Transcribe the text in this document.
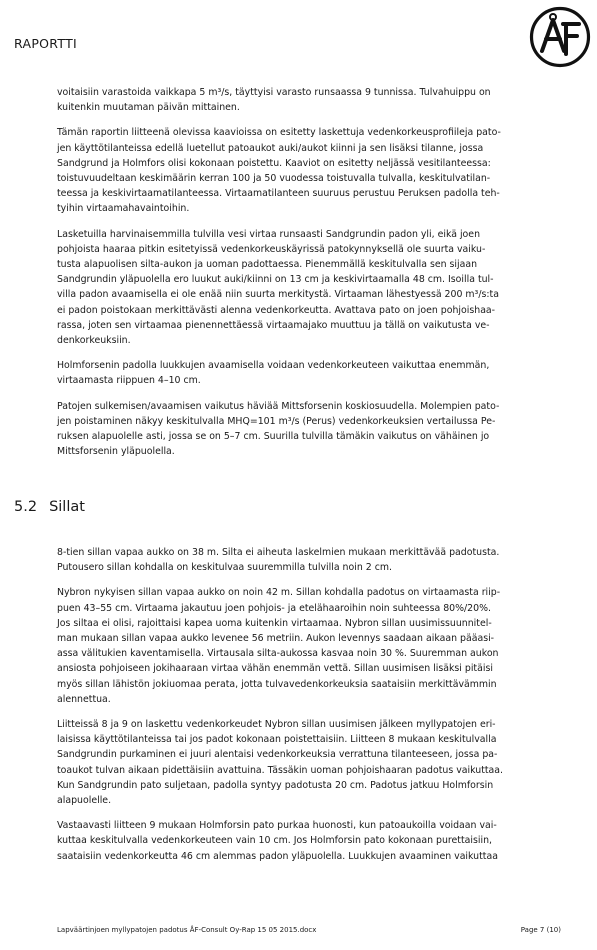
RAPORTTI

voitaisiin varastoida vaikkapa 5 m³/s, täyttyisi varasto runsaassa 9 tunnissa. Tulvahuippu on
kuitenkin muutaman päivän mittainen.

Tämän raportin liitteenä olevissa kaavioissa on esitetty laskettuja vedenkorkeusprofiileja pato-
jen käyttötilanteissa edellä luetellut patoaukot auki/aukot kiinni ja sen lisäksi tilanne, jossa
Sandgrund ja Holmfors olisi kokonaan poistettu. Kaaviot on esitetty neljässä vesitilanteessa:
toistuvuudeltaan keskimäärin kerran 100 ja 50 vuodessa toistuvalla tulvalla, keskitulvatilan-
teessa ja keskivirtaamatilanteessa. Virtaamatilanteen suuruus perustuu Peruksen padolla teh-
tyihin virtaamahavaintoihin.

Lasketuilla harvinaisemmilla tulvilla vesi virtaa runsaasti Sandgrundin padon yli, eikä joen
pohjoista haaraa pitkin esitetyissä vedenkorkeuskäyrissä patokynnyksellä ole suurta vaiku-
tusta alapuolisen silta-aukon ja uoman padottaessa. Pienemmällä keskitulvalla sen sijaan
Sandgrundin yläpuolella ero luukut auki/kiinni on 13 cm ja keskivirtaamalla 48 cm. Isoilla tul-
villa padon avaamisella ei ole enää niin suurta merkitystä. Virtaaman lähestyessä 200 m³/s:ta
ei padon poistokaan merkittävästi alenna vedenkorkeutta. Avattava pato on joen pohjoishaa-
rassa, joten sen virtaamaa pienennettäessä virtaamajako muuttuu ja tällä on vaikutusta ve-
denkorkeuksiin.

Holmforsenin padolla luukkujen avaamisella voidaan vedenkorkeuteen vaikuttaa enemmän,
virtaamasta riippuen 4–10 cm.

Patojen sulkemisen/avaamisen vaikutus häviää Mittsforsenin koskiosuudella. Molempien pato-
jen poistaminen näkyy keskitulvalla MHQ=101 m³/s (Perus) vedenkorkeuksien vertailussa Pe-
ruksen alapuolelle asti, jossa se on 5–7 cm. Suurilla tulvilla tämäkin vaikutus on vähäinen jo
Mittsforsenin yläpuolella.

5.2 Sillat

8-tien sillan vapaa aukko on 38 m. Silta ei aiheuta laskelmien mukaan merkittävää padotusta.
Putousero sillan kohdalla on keskitulvaa suuremmilla tulvilla noin 2 cm.

Nybron nykyisen sillan vapaa aukko on noin 42 m. Sillan kohdalla padotus on virtaamasta riip-
puen 43–55 cm. Virtaama jakautuu joen pohjois- ja etelähaaroihin noin suhteessa 80%/20%.
Jos siltaa ei olisi, rajoittaisi kapea uoma kuitenkin virtaamaa. Nybron sillan uusimissuunnitel-
man mukaan sillan vapaa aukko levenee 56 metriin. Aukon levennys saadaan aikaan pääasi-
assa välitukien kaventamisella. Virtausala silta-aukossa kasvaa noin 30 %. Suuremman aukon
ansiosta pohjoiseen jokihaaraan virtaa vähän enemmän vettä. Sillan uusimisen lisäksi pitäisi
myös sillan lähistön jokiuomaa perata, jotta tulvavedenkorkeuksia saataisiin merkittävämmin
alennettua.

Liitteissä 8 ja 9 on laskettu vedenkorkeudet Nybron sillan uusimisen jälkeen myllypatojen eri-
laisissa käyttötilanteissa tai jos padot kokonaan poistettaisiin. Liitteen 8 mukaan keskitulvalla
Sandgrundin purkaminen ei juuri alentaisi vedenkorkeuksia verrattuna tilanteeseen, jossa pa-
toaukot tulvan aikaan pidettäisiin avattuina. Tässäkin uoman pohjoishaaran padotus vaikuttaa.
Kun Sandgrundin pato suljetaan, padolla syntyy padotusta 20 cm. Padotus jatkuu Holmforsin
alapuolelle.

Vastaavasti liitteen 9 mukaan Holmforsin pato purkaa huonosti, kun patoaukoilla voidaan vai-
kuttaa keskitulvalla vedenkorkeuteen vain 10 cm. Jos Holmforsin pato kokonaan purettaisiin,
saataisiin vedenkorkeutta 46 cm alemmas padon yläpuolella. Luukkujen avaaminen vaikuttaa

Lapväärtinjoen myllypatojen padotus ÅF-Consult Oy-Rap 15 05 2015.docx	Page 7 (10)
